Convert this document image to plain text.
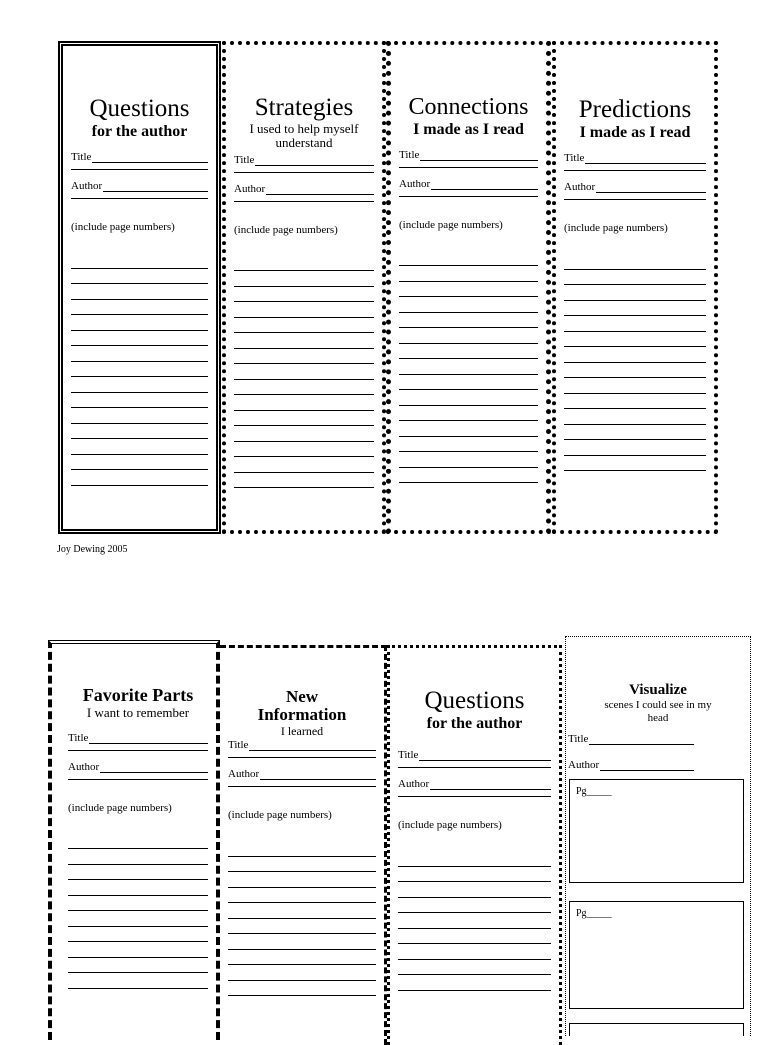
Questions
for the author
Title
Author
(include page numbers)
Strategies
I used to help myself understand
Title
Author
(include page numbers)
Connections
I made as I read
Title
Author
(include page numbers)
Predictions
I made as I read
Title
Author
(include page numbers)
Joy Dewing 2005
Favorite Parts
I want to remember
Title
Author
(include page numbers)
New Information
I learned
Title
Author
(include page numbers)
Questions
for the author
Title
Author
(include page numbers)
Visualize
scenes I could see in my head
Title
Author
Pg_____
Pg_____
